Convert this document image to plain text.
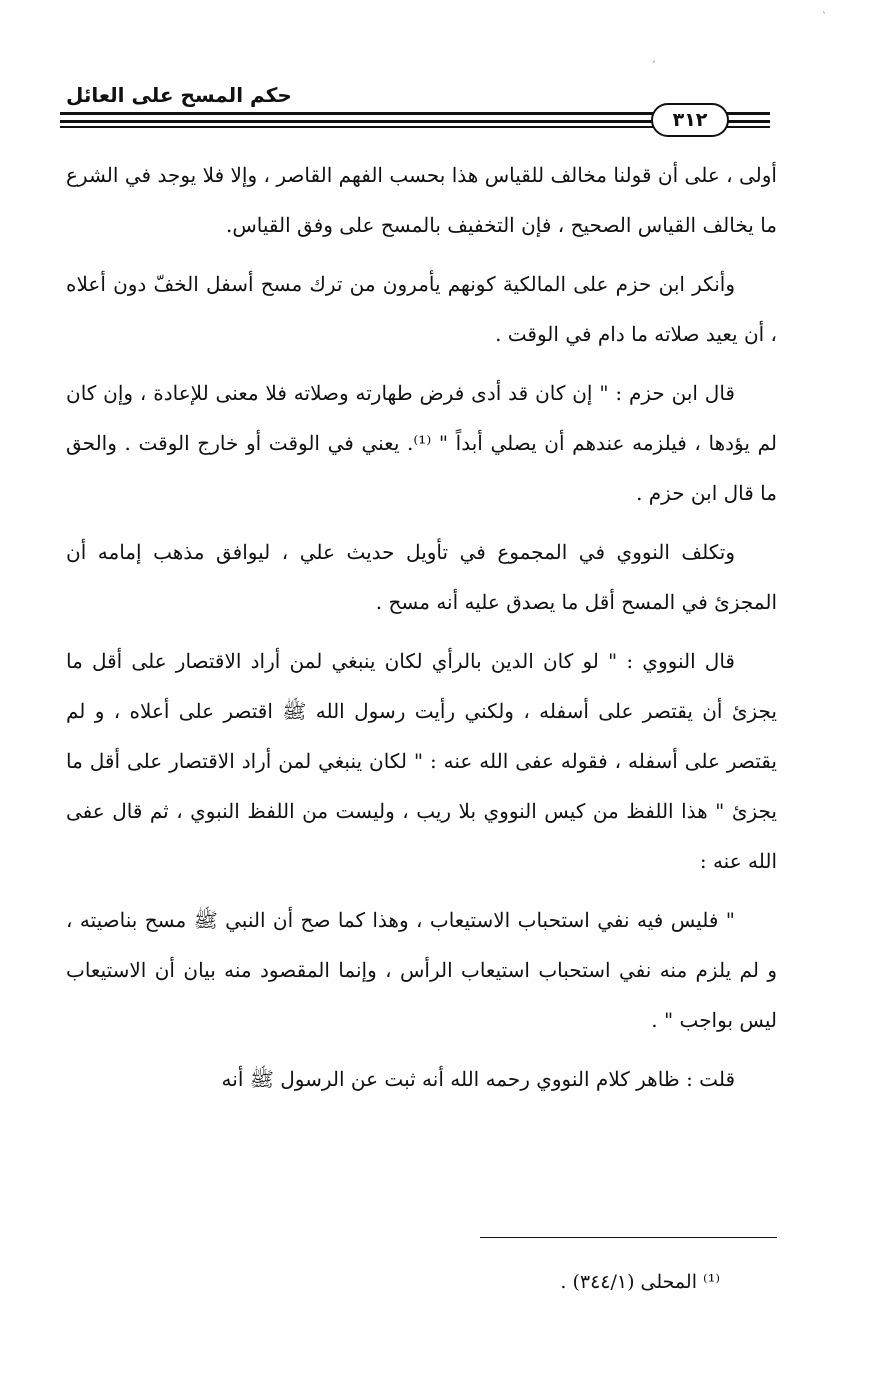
`
ʼ
حكم المسح على العائل
٣١٢

أولى ، على أن قولنا مخالف للقياس هذا بحسب الفهم القاصر ، وإلا فلا يوجد في الشرع ما يخالف القياس الصحيح ، فإن التخفيف بالمسح على وفق القياس.

وأنكر ابن حزم على المالكية كونهم يأمرون من ترك مسح أسفل الخفّ دون أعلاه ، أن يعيد صلاته ما دام في الوقت .

قال ابن حزم : " إن كان قد أدى فرض طهارته وصلاته فلا معنى للإعادة ، وإن كان لم يؤدها ، فيلزمه عندهم أن يصلي أبداً " ⁽¹⁾. يعني في الوقت أو خارج الوقت . والحق ما قال ابن حزم .

وتكلف النووي في المجموع في تأويل حديث علي ، ليوافق مذهب إمامه أن المجزئ في المسح أقل ما يصدق عليه أنه مسح .

قال النووي : " لو كان الدين بالرأي لكان ينبغي لمن أراد الاقتصار على أقل ما يجزئ أن يقتصر على أسفله ، ولكني رأيت رسول الله ﷺ اقتصر على أعلاه ، و لم يقتصر على أسفله ، فقوله عفى الله عنه : " لكان ينبغي لمن أراد الاقتصار على أقل ما يجزئ " هذا اللفظ من كيس النووي بلا ريب ، وليست من اللفظ النبوي ، ثم قال عفى الله عنه :

" فليس فيه نفي استحباب الاستيعاب ، وهذا كما صح أن النبي ﷺ مسح بناصيته ، و لم يلزم منه نفي استحباب استيعاب الرأس ، وإنما المقصود منه بيان أن الاستيعاب ليس بواجب " .

قلت : ظاهر كلام النووي رحمه الله أنه ثبت عن الرسول ﷺ أنه

⁽¹⁾ المحلى (٣٤٤/١) .
